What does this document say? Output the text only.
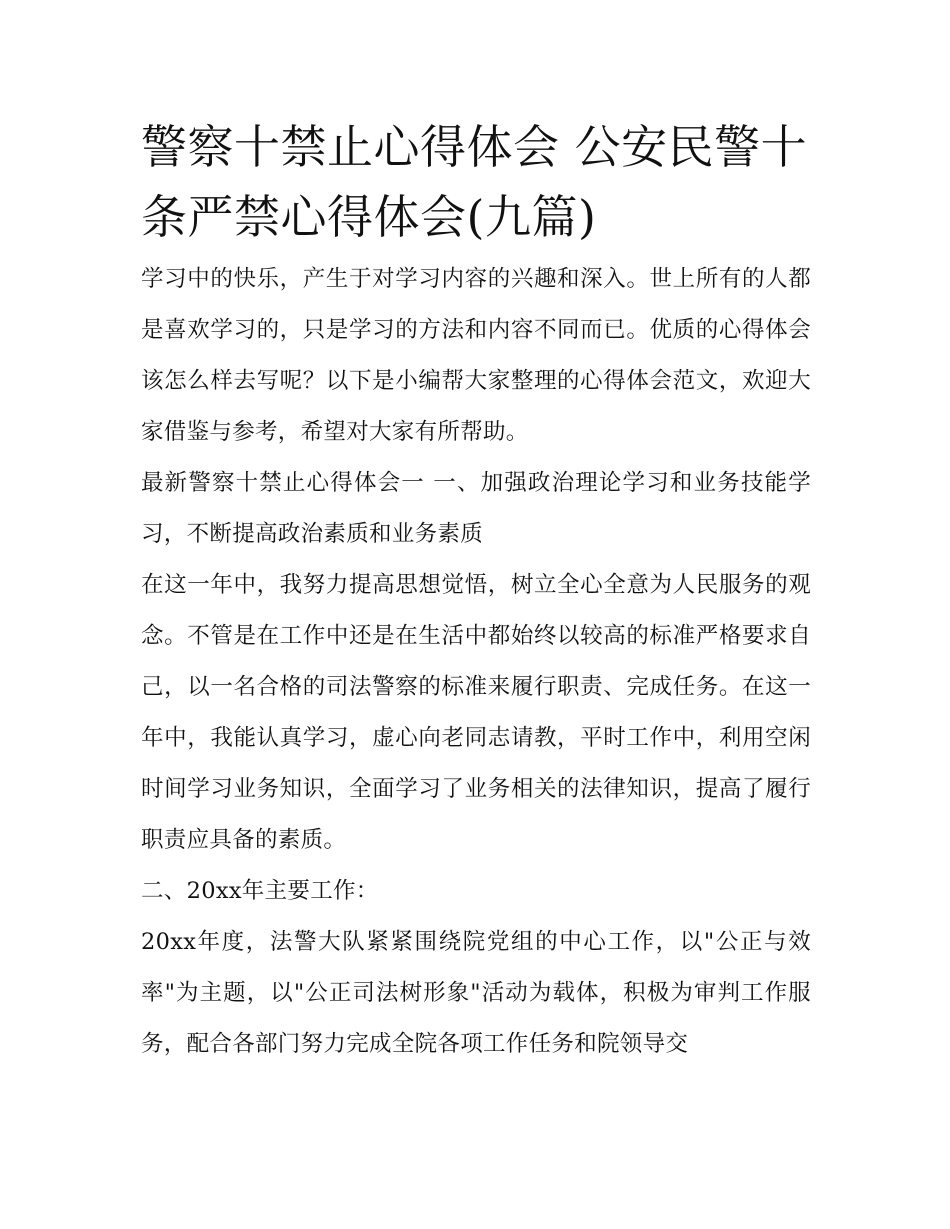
警察十禁止心得体会 公安民警十条严禁心得体会(九篇)

学习中的快乐，产生于对学习内容的兴趣和深入。世上所有的人都是喜欢学习的，只是学习的方法和内容不同而已。优质的心得体会该怎么样去写呢？以下是小编帮大家整理的心得体会范文，欢迎大家借鉴与参考，希望对大家有所帮助。

最新警察十禁止心得体会一 一、加强政治理论学习和业务技能学习，不断提高政治素质和业务素质

在这一年中，我努力提高思想觉悟，树立全心全意为人民服务的观念。不管是在工作中还是在生活中都始终以较高的标准严格要求自己，以一名合格的司法警察的标准来履行职责、完成任务。在这一年中，我能认真学习，虚心向老同志请教，平时工作中，利用空闲时间学习业务知识，全面学习了业务相关的法律知识，提高了履行职责应具备的素质。

二、20xx年主要工作：

20xx年度，法警大队紧紧围绕院党组的中心工作，以"公正与效率"为主题，以"公正司法树形象"活动为载体，积极为审判工作服务，配合各部门努力完成全院各项工作任务和院领导交
